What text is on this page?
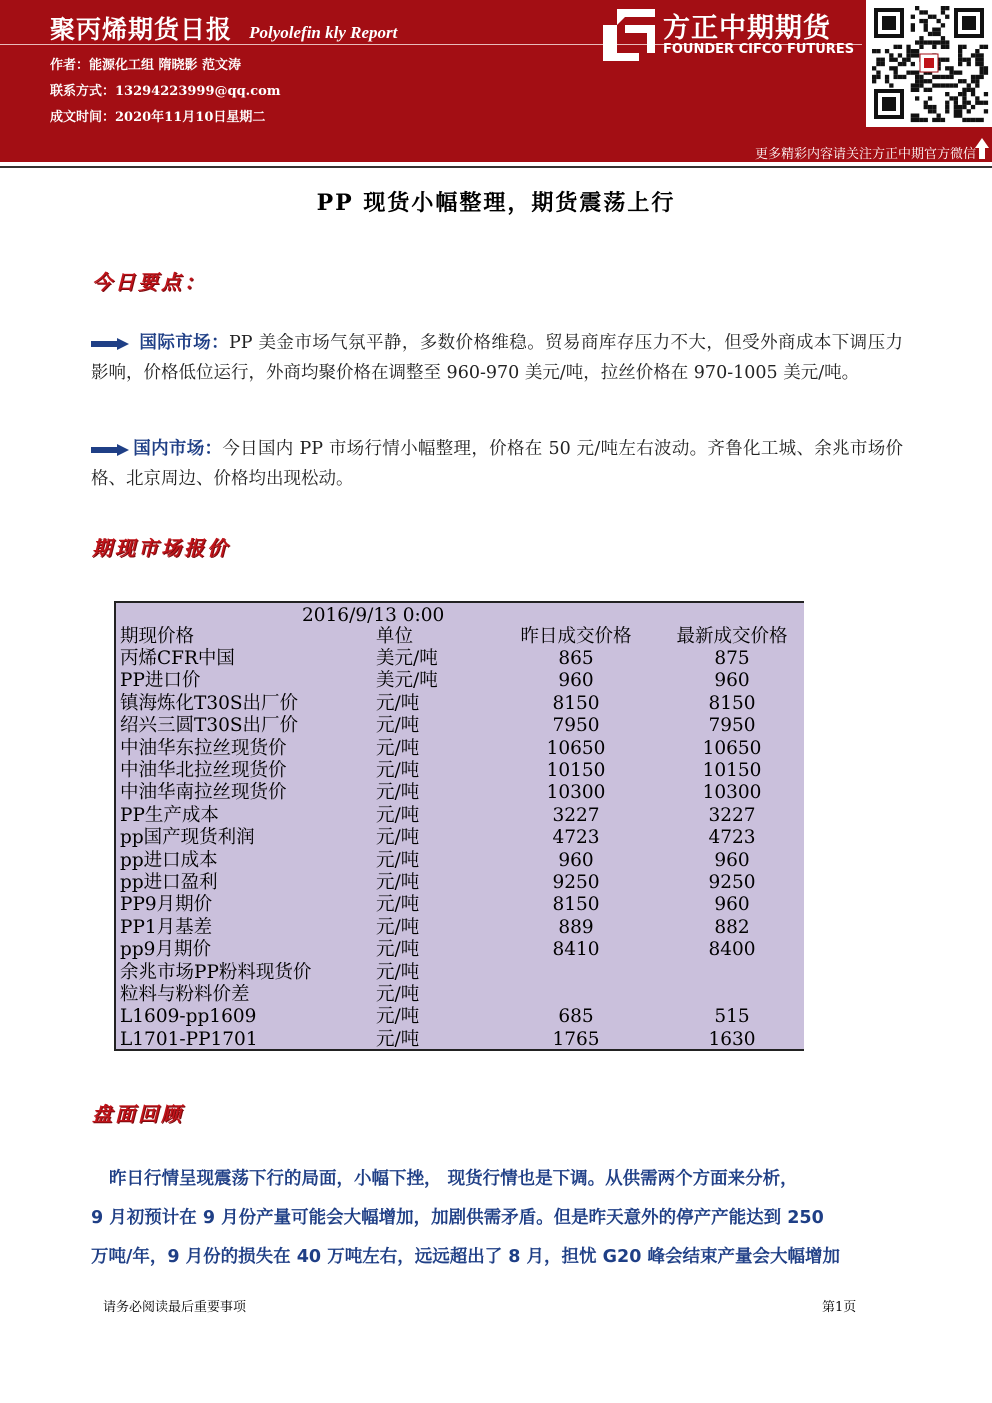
聚丙烯期货日报 Polyolefin kly Report
作者：能源化工组 隋晓影 范文涛
联系方式：13294223999@qq.com
成文时间：2020年11月10日星期二
方正中期期货
FOUNDER CIFCO FUTURES
更多精彩内容请关注方正中期官方微信
PP 现货小幅整理，期货震荡上行
今日要点：
国际市场：PP 美金市场气氛平静，多数价格维稳。贸易商库存压力不大，但受外商成本下调压力影响，价格低位运行，外商均聚价格在调整至 960-970 美元/吨，拉丝价格在 970-1005 美元/吨。
国内市场：今日国内 PP 市场行情小幅整理，价格在 50 元/吨左右波动。齐鲁化工城、余兆市场价格、北京周边、价格均出现松动。
期现市场报价
2016/9/13 0:00
期现价格	单位	昨日成交价格	最新成交价格
丙烯CFR中国	美元/吨	865	875
PP进口价	美元/吨	960	960
镇海炼化T30S出厂价	元/吨	8150	8150
绍兴三圆T30S出厂价	元/吨	7950	7950
中油华东拉丝现货价	元/吨	10650	10650
中油华北拉丝现货价	元/吨	10150	10150
中油华南拉丝现货价	元/吨	10300	10300
PP生产成本	元/吨	3227	3227
pp国产现货利润	元/吨	4723	4723
pp进口成本	元/吨	960	960
pp进口盈利	元/吨	9250	9250
PP9月期价	元/吨	8150	960
PP1月基差	元/吨	889	882
pp9月期价	元/吨	8410	8400
余兆市场PP粉料现货价	元/吨
粒料与粉料价差	元/吨
L1609-pp1609	元/吨	685	515
L1701-PP1701	元/吨	1765	1630
盘面回顾
昨日行情呈现震荡下行的局面，小幅下挫， 现货行情也是下调。从供需两个方面来分析，
9 月初预计在 9 月份产量可能会大幅增加，加剧供需矛盾。但是昨天意外的停产产能达到 250
万吨/年，9 月份的损失在 40 万吨左右，远远超出了 8 月，担忧 G20 峰会结束产量会大幅增加
请务必阅读最后重要事项	第1页
